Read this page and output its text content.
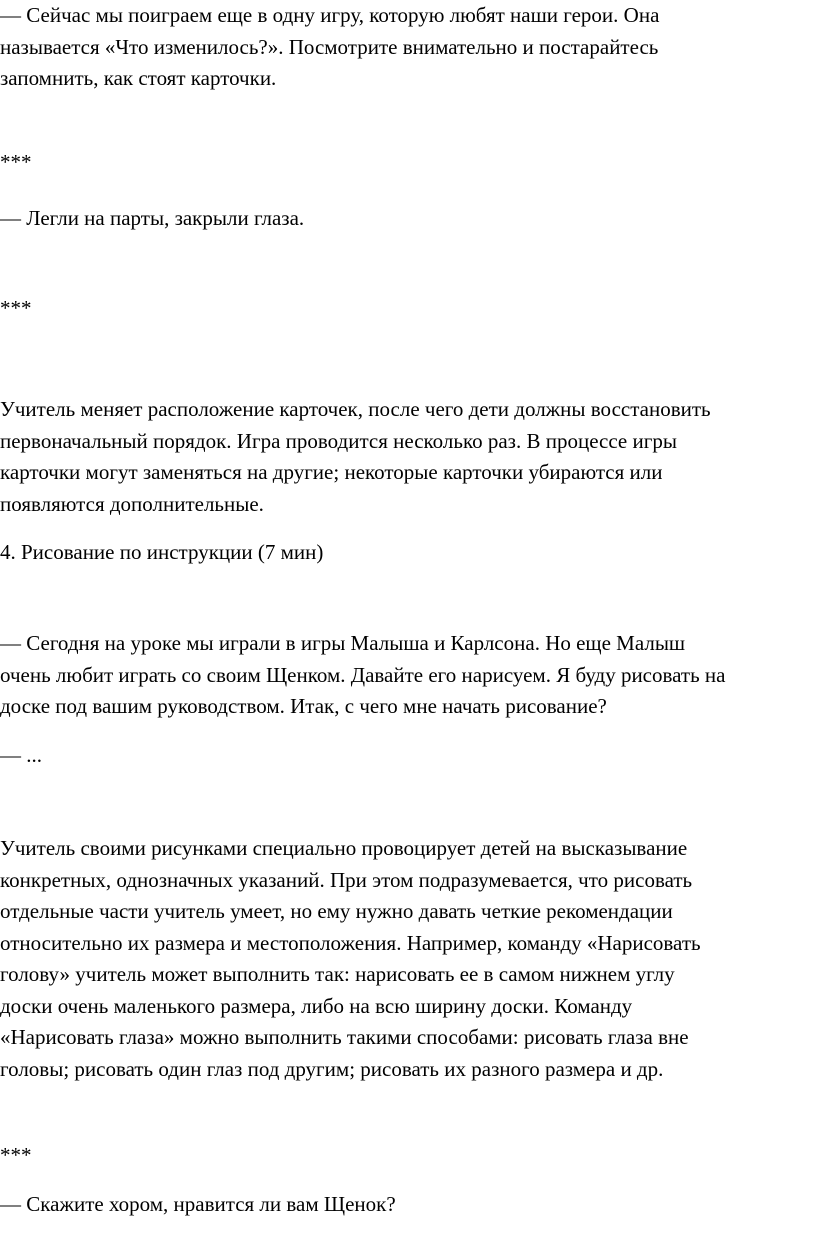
— Сейчас мы поиграем еще в одну игру, которую любят наши герои. Она
называется «Что изменилось?». Посмотрите внимательно и постарайтесь
запомнить, как стоят карточки.

***

— Легли на парты, закрыли глаза.

***

Учитель меняет расположение карточек, после чего дети должны восстановить
первоначальный порядок. Игра проводится несколько раз. В процессе игры
карточки могут заменяться на другие; некоторые карточки убираются или
появляются дополнительные.

4. Рисование по инструкции (7 мин)

— Сегодня на уроке мы играли в игры Малыша и Карлсона. Но еще Малыш
очень любит играть со своим Щенком. Давайте его нарисуем. Я буду рисовать на
доске под вашим руководством. Итак, с чего мне начать рисование?

— ...

Учитель своими рисунками специально провоцирует детей на высказывание
конкретных, однозначных указаний. При этом подразумевается, что рисовать
отдельные части учитель умеет, но ему нужно давать четкие рекомендации
относительно их размера и местоположения. Например, команду «Нарисовать
голову» учитель может выполнить так: нарисовать ее в самом нижнем углу
доски очень маленького размера, либо на всю ширину доски. Команду
«Нарисовать глаза» можно выполнить такими способами: рисовать глаза вне
головы; рисовать один глаз под другим; рисовать их разного размера и др.

***

— Скажите хором, нравится ли вам Щенок?
